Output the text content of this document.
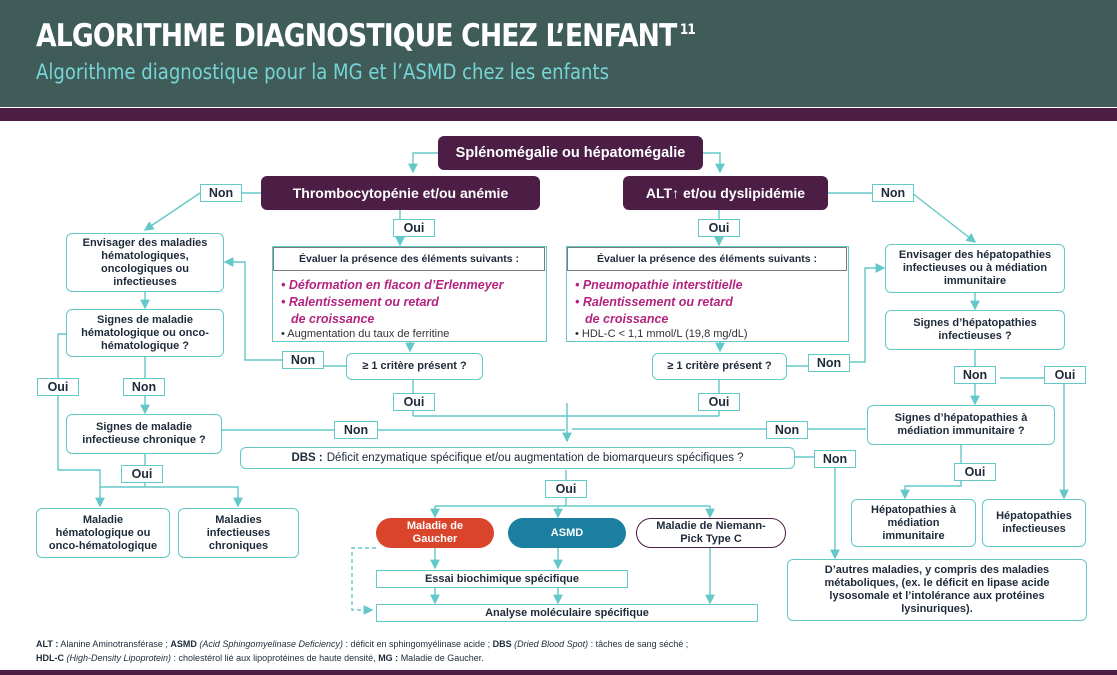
ALGORITHME DIAGNOSTIQUE CHEZ L’ENFANT $^{11}$
Algorithme diagnostique pour la MG et l’ASMD chez les enfants
Splénomégalie ou hépatomégalie
Thrombocytopénie et/ou anémie	ALT↑ et/ou dyslipidémie
Non	Non
Oui	Oui
Évaluer la présence des éléments suivants :
• Déformation en flacon d’Erlenmeyer
• Ralentissement ou retard
de croissance
• Augmentation du taux de ferritine
Évaluer la présence des éléments suivants :
• Pneumopathie interstitielle
• Ralentissement ou retard
de croissance
• HDL-C < 1,1 mmol/L (19,8 mg/dL)
≥ 1 critère présent ?	≥ 1 critère présent ?
Non	Non
Oui	Oui
Envisager des maladies hématologiques, oncologiques ou infectieuses
Signes de maladie hématologique ou onco-hématologique ?
Oui	Non
Signes de maladie infectieuse chronique ?
Non
Oui
Maladie hématologique ou onco-hématologique
Maladies infectieuses chroniques
Envisager des hépatopathies infectieuses ou à médiation immunitaire
Signes d’hépatopathies infectieuses ?
Non	Oui
Signes d’hépatopathies à médiation immunitaire ?
Non
Oui
Hépatopathies à médiation immunitaire
Hépatopathies infectieuses
DBS : Déficit enzymatique spécifique et/ou augmentation de biomarqueurs spécifiques ?	Non
Oui
Maladie de Gaucher
ASMD
Maladie de Niemann-Pick Type C
D’autres maladies, y compris des maladies métaboliques, (ex. le déficit en lipase acide lysosomale et l’intolérance aux protéines lysinuriques).
Essai biochimique spécifique
Analyse moléculaire spécifique
ALT : Alanine Aminotransférase ; ASMD (Acid Sphingomyelinase Deficiency) : déficit en sphingomyélinase acide ; DBS (Dried Blood Spot) : tâches de sang séché ;
HDL-C (High-Density Lipoprotein) : cholestérol lié aux lipoprotéines de haute densité, MG : Maladie de Gaucher.
